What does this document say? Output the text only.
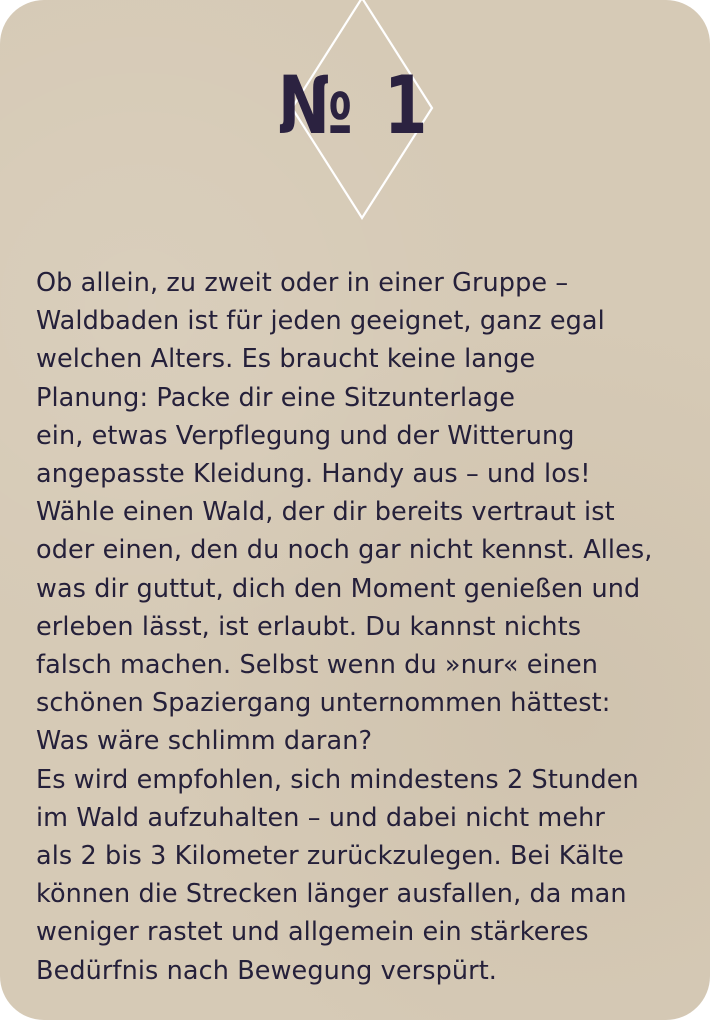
№ 1

Ob allein, zu zweit oder in einer Gruppe –
Waldbaden ist für jeden geeignet, ganz egal
welchen Alters. Es braucht keine lange
Planung: Packe dir eine Sitzunterlage
ein, etwas Verpflegung und der Witterung
angepasste Kleidung. Handy aus – und los!
Wähle einen Wald, der dir bereits vertraut ist
oder einen, den du noch gar nicht kennst. Alles,
was dir guttut, dich den Moment genießen und
erleben lässt, ist erlaubt. Du kannst nichts
falsch machen. Selbst wenn du »nur« einen
schönen Spaziergang unternommen hättest:
Was wäre schlimm daran?
Es wird empfohlen, sich mindestens 2 Stunden
im Wald aufzuhalten – und dabei nicht mehr
als 2 bis 3 Kilometer zurückzulegen. Bei Kälte
können die Strecken länger ausfallen, da man
weniger rastet und allgemein ein stärkeres
Bedürfnis nach Bewegung verspürt.
